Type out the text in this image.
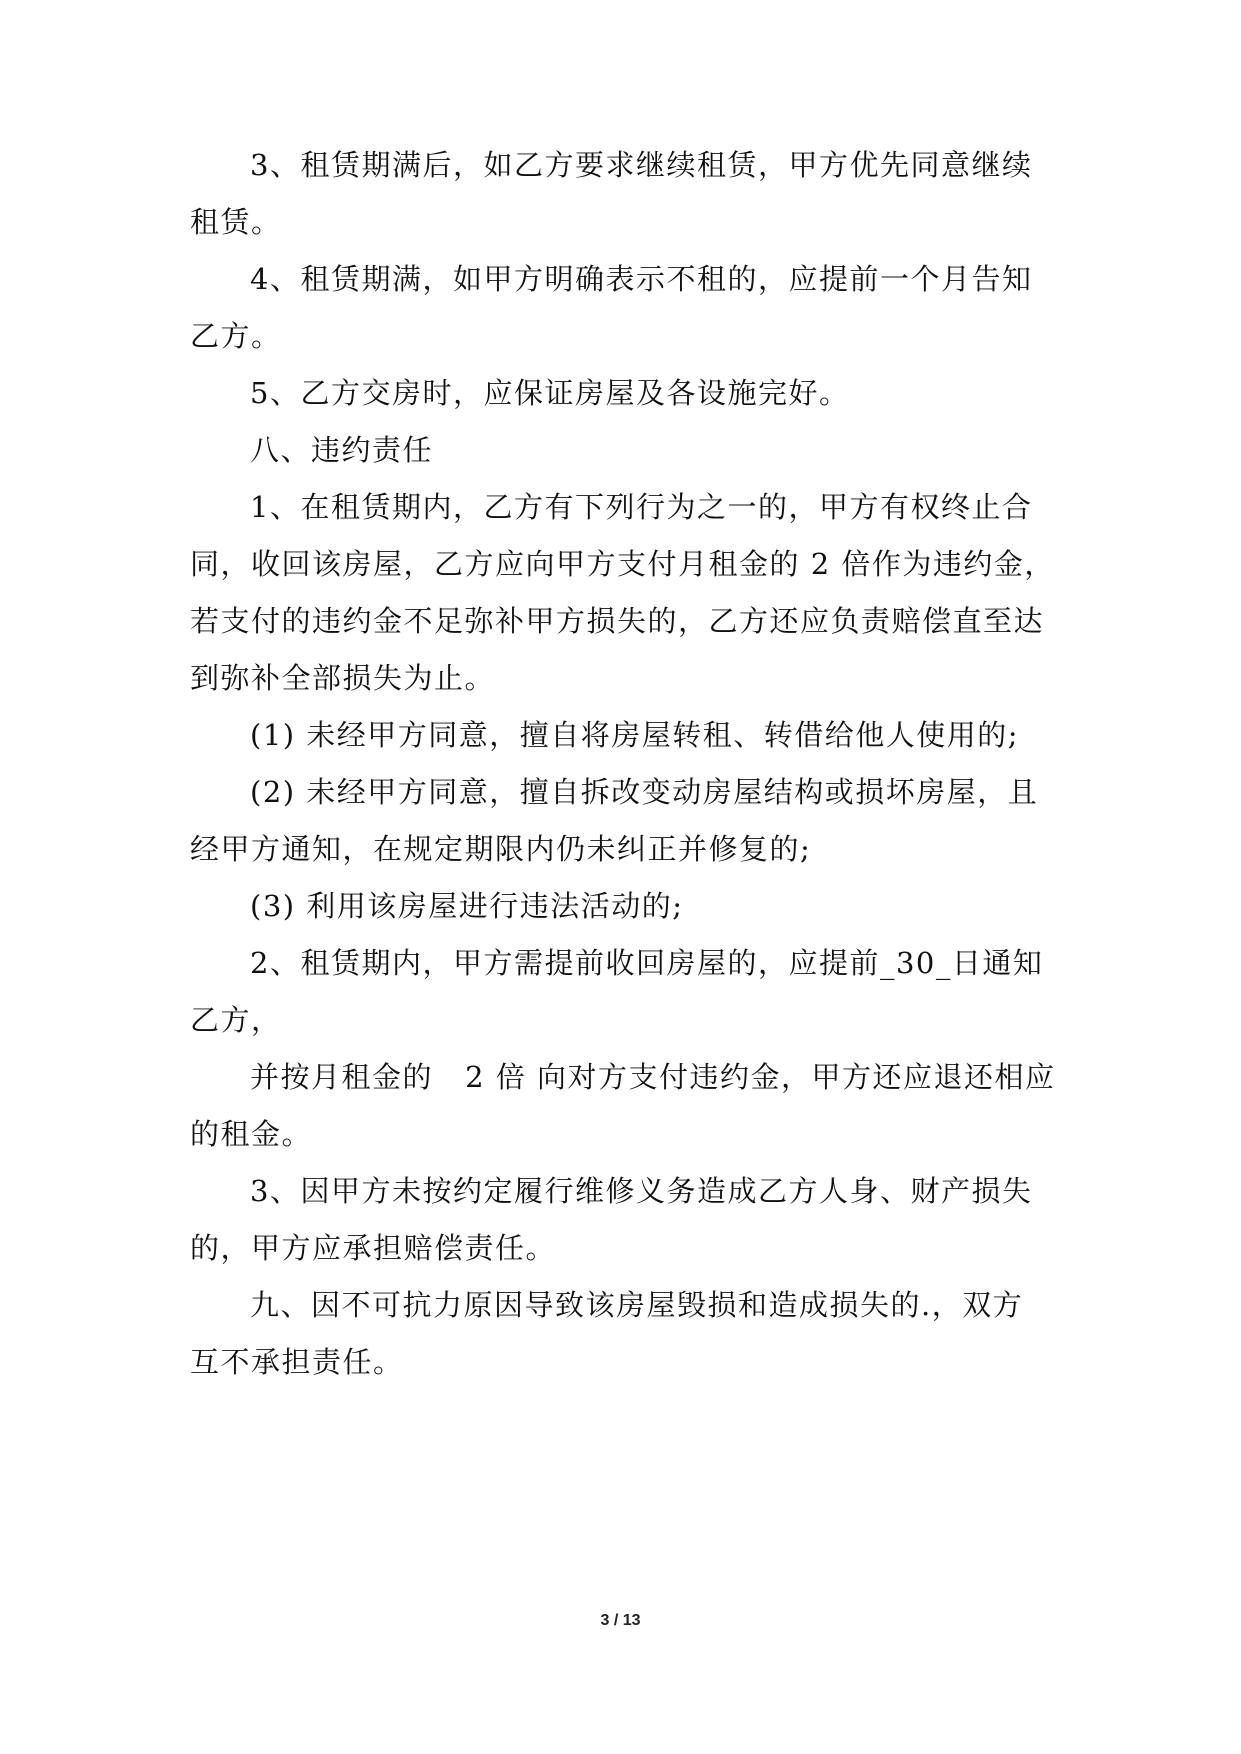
3、租赁期满后，如乙方要求继续租赁，甲方优先同意继续
租赁。
4、租赁期满，如甲方明确表示不租的，应提前一个月告知
乙方。
5、乙方交房时，应保证房屋及各设施完好。
八、违约责任
1、在租赁期内，乙方有下列行为之一的，甲方有权终止合
同，收回该房屋，乙方应向甲方支付月租金的 2 倍作为违约金，
若支付的违约金不足弥补甲方损失的，乙方还应负责赔偿直至达
到弥补全部损失为止。
(1) 未经甲方同意，擅自将房屋转租、转借给他人使用的;
(2) 未经甲方同意，擅自拆改变动房屋结构或损坏房屋，且
经甲方通知，在规定期限内仍未纠正并修复的;
(3) 利用该房屋进行违法活动的;
2、租赁期内，甲方需提前收回房屋的，应提前_30_日通知
乙方，
并按月租金的   2 倍 向对方支付违约金，甲方还应退还相应
的租金。
3、因甲方未按约定履行维修义务造成乙方人身、财产损失
的，甲方应承担赔偿责任。
九、因不可抗力原因导致该房屋毁损和造成损失的.，双方
互不承担责任。
3 / 13
